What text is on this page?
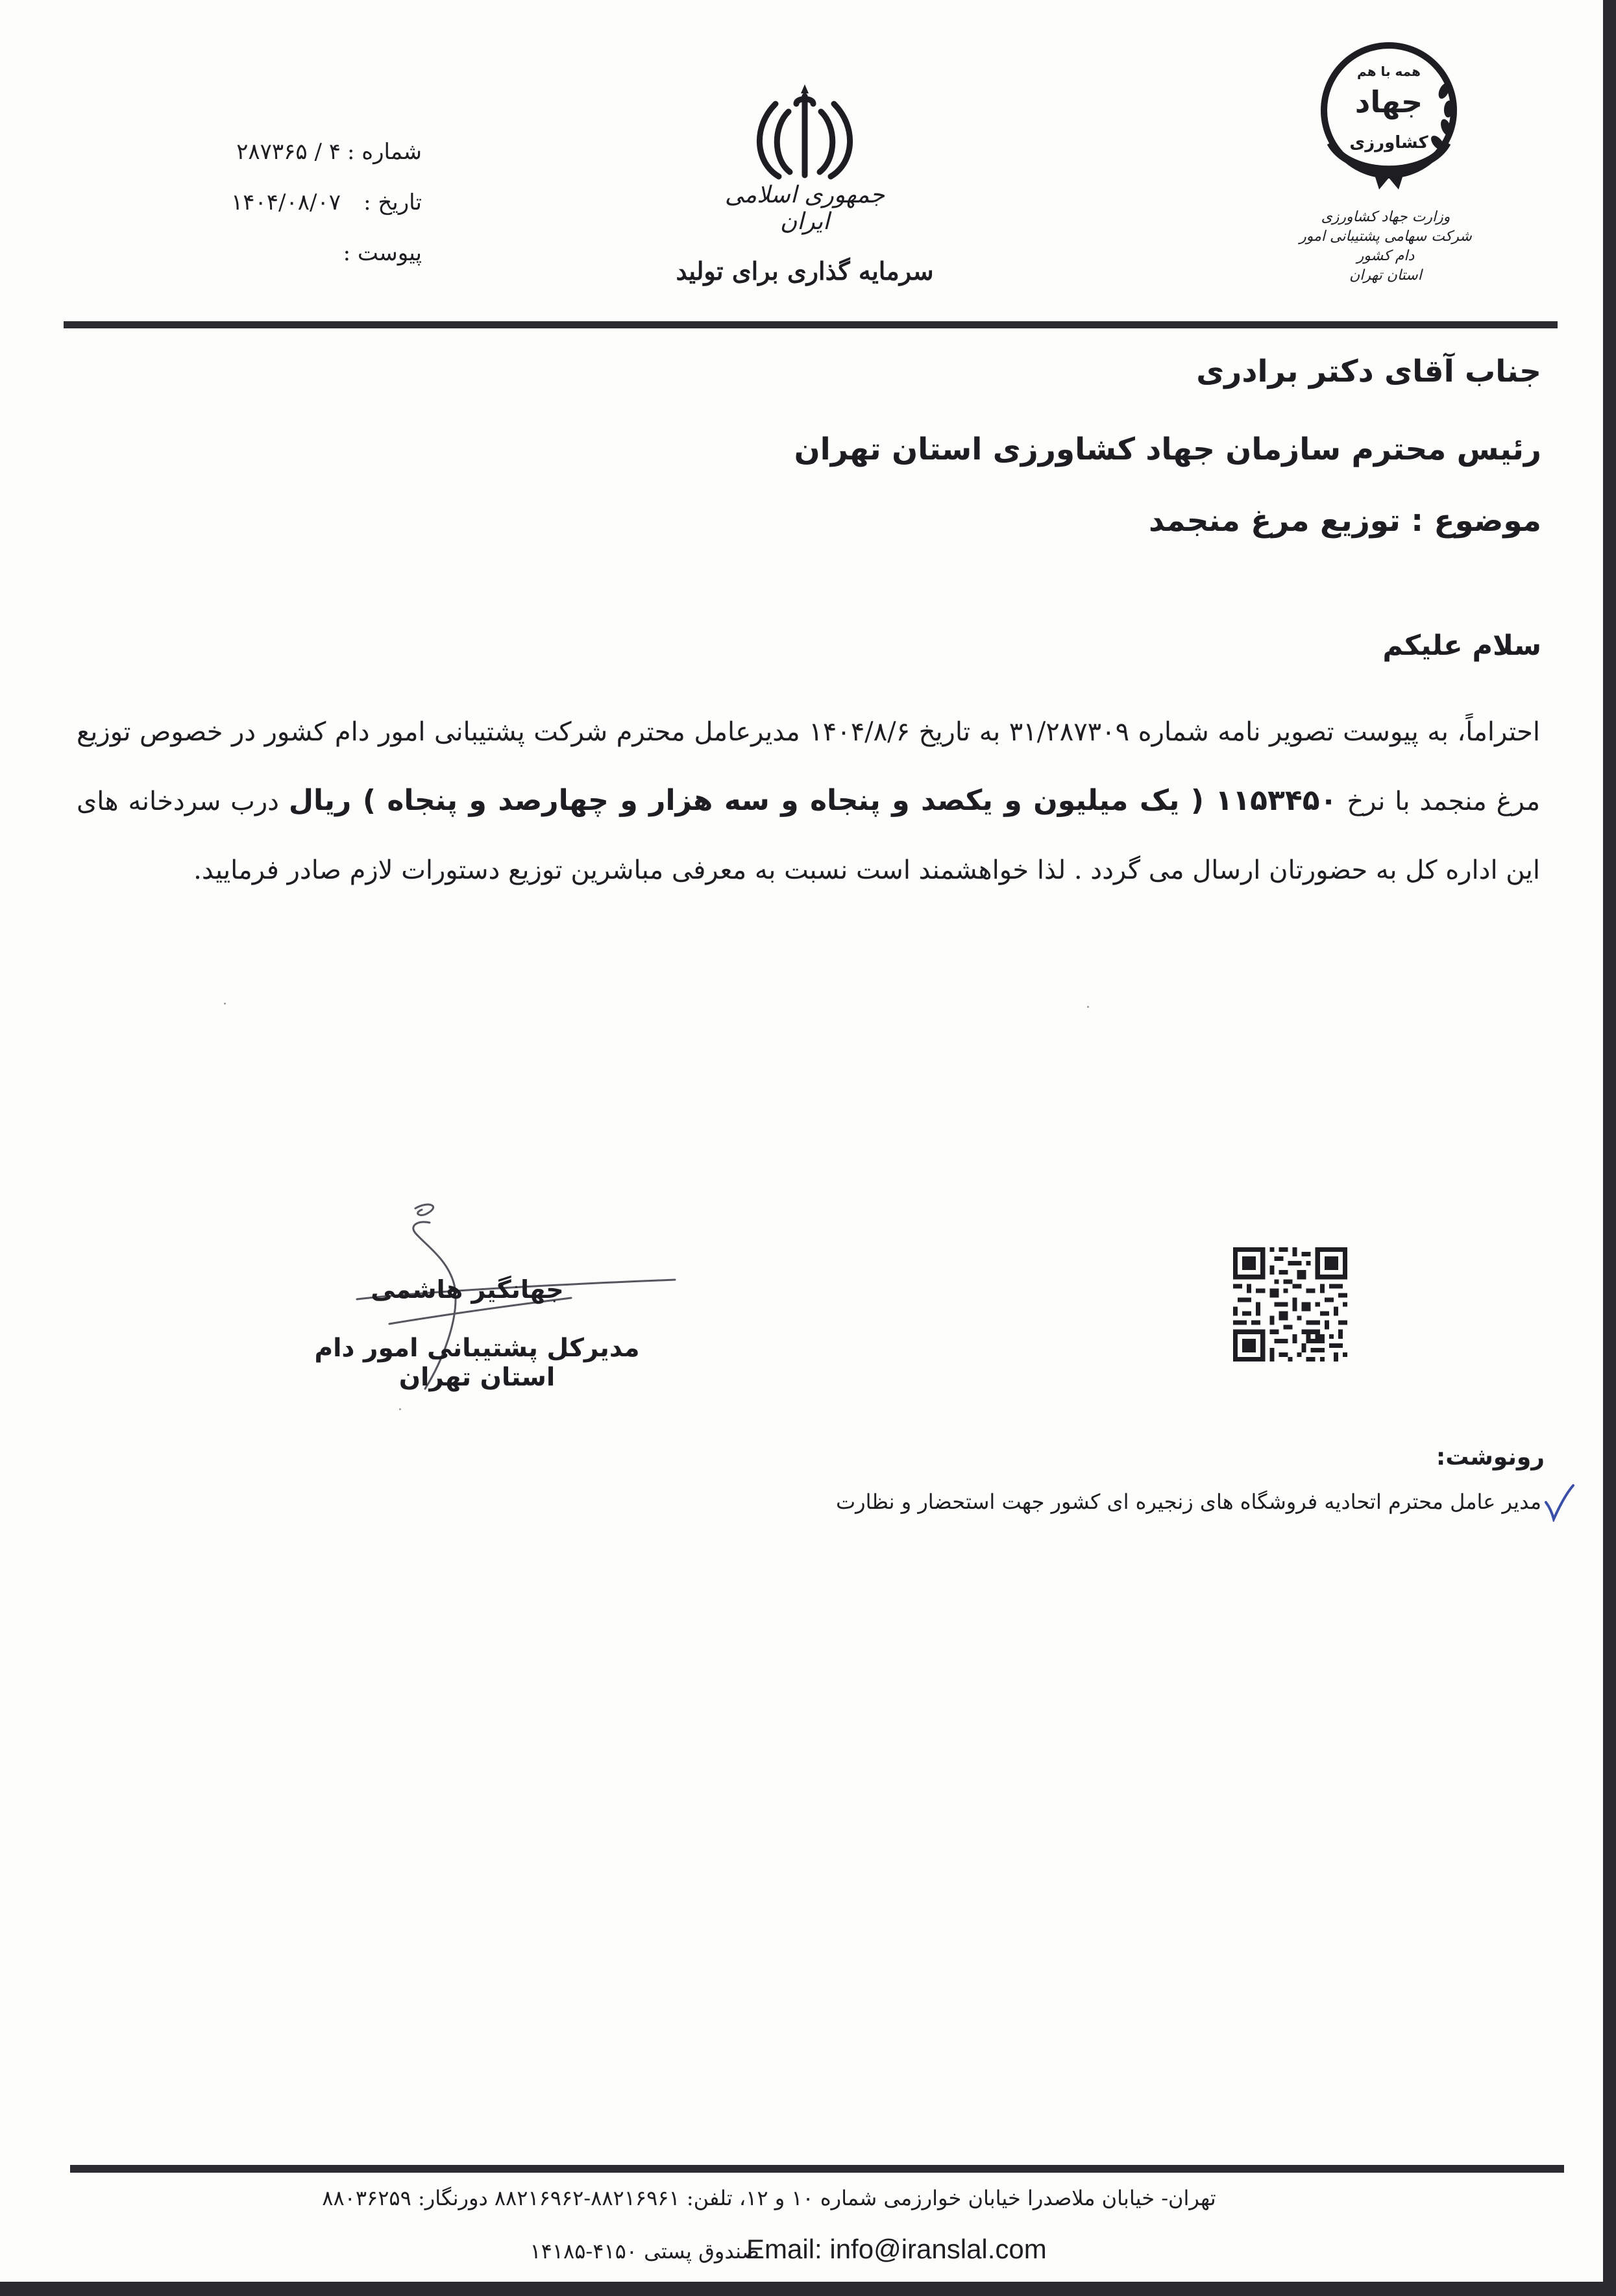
شماره :
۴ / ۲۸۷۳۶۵
تاریخ :
۱۴۰۴/۰۸/۰۷
پیوست :
جمهوری اسلامی ایران
سرمایه گذاری برای تولید
همه با هم
جهاد
کشاورزی
وزارت جهاد کشاورزی
شرکت سهامی پشتیبانی امور دام کشور
استان تهران
جناب آقای دکتر برادری
رئیس محترم سازمان جهاد کشاورزی استان تهران
موضوع : توزیع مرغ منجمد
سلام علیکم
احتراماً، به پیوست تصویر نامه شماره ۳۱/۲۸۷۳۰۹ به تاریخ ۱۴۰۴/۸/۶ مدیرعامل محترم شرکت پشتیبانی امور دام کشور در خصوص توزیع مرغ منجمد با نرخ ۱۱۵۳۴۵۰ ( یک میلیون و یکصد و پنجاه و سه هزار و چهارصد و پنجاه ) ریال درب سردخانه های این اداره کل به حضورتان ارسال می گردد . لذا خواهشمند است نسبت به معرفی مباشرین توزیع دستورات لازم صادر فرمایید.
جهانگیر هاشمی
مدیرکل پشتیبانی امور دام استان تهران
رونوشت:
مدیر عامل محترم اتحادیه فروشگاه های زنجیره ای کشور جهت استحضار و نظارت
تهران- خیابان ملاصدرا خیابان خوارزمی شماره ۱۰ و ۱۲، تلفن: ۸۸۲۱۶۹۶۱-۸۸۲۱۶۹۶۲ دورنگار: ۸۸۰۳۶۲۵۹
صندوق پستی ۴۱۵۰-۱۴۱۸۵
Email: info@iranslal.com
